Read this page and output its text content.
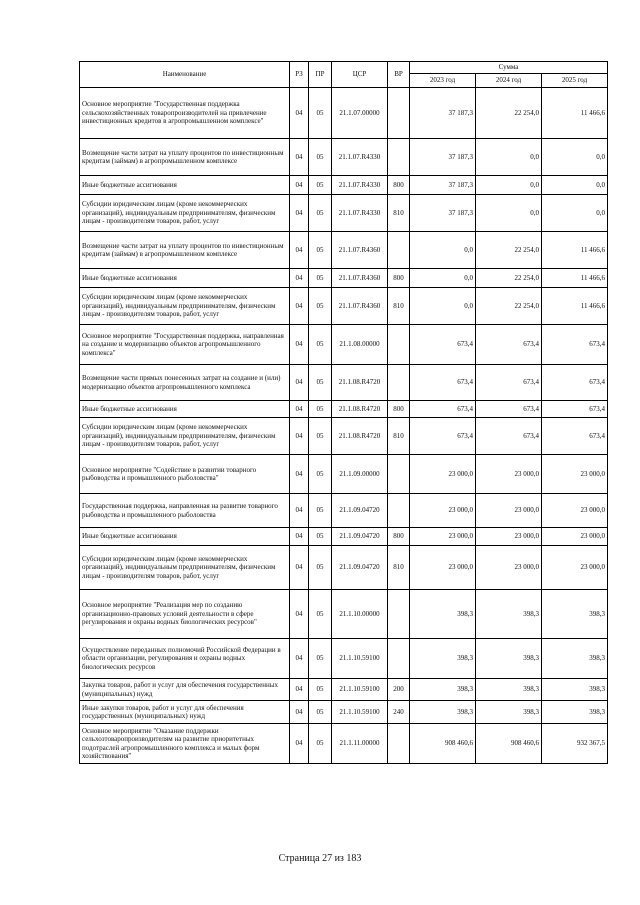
Наименование	РЗ	ПР	ЦСР	ВР	Сумма		
					2023 год	2024 год	2025 год
Основное мероприятие "Государственная поддержка сельскохозяйственных товаропроизводителей на привлечение инвестиционных кредитов в агропромышленном комплексе"	04	05	21.1.07.00000		37 187,3	22 254,0	11 466,6
Возмещение части затрат на уплату процентов по инвестиционным кредитам (займам) в агропромышленном комплексе	04	05	21.1.07.R4330		37 187,3	0,0	0,0
Иные бюджетные ассигнования	04	05	21.1.07.R4330	800	37 187,3	0,0	0,0
Субсидии юридическим лицам (кроме некоммерческих организаций), индивидуальным предпринимателям, физическим лицам - производителям товаров, работ, услуг	04	05	21.1.07.R4330	810	37 187,3	0,0	0,0
Возмещение части затрат на уплату процентов по инвестиционным кредитам (займам) в агропромышленном комплексе	04	05	21.1.07.R4360		0,0	22 254,0	11 466,6
Иные бюджетные ассигнования	04	05	21.1.07.R4360	800	0,0	22 254,0	11 466,6
Субсидии юридическим лицам (кроме некоммерческих организаций), индивидуальным предпринимателям, физическим лицам - производителям товаров, работ, услуг	04	05	21.1.07.R4360	810	0,0	22 254,0	11 466,6
Основное мероприятие "Государственная поддержка, направленная на создание и модернизацию объектов агропромышленного комплекса"	04	05	21.1.08.00000		673,4	673,4	673,4
Возмещение части прямых понесенных затрат на создание и (или) модернизацию объектов агропромышленного комплекса	04	05	21.1.08.R4720		673,4	673,4	673,4
Иные бюджетные ассигнования	04	05	21.1.08.R4720	800	673,4	673,4	673,4
Субсидии юридическим лицам (кроме некоммерческих организаций), индивидуальным предпринимателям, физическим лицам - производителям товаров, работ, услуг	04	05	21.1.08.R4720	810	673,4	673,4	673,4
Основное мероприятие "Содействие в развитии товарного рыбоводства и промышленного рыболовства"	04	05	21.1.09.00000		23 000,0	23 000,0	23 000,0
Государственная поддержка, направленная на развитие товарного рыбоводства и промышленного рыболовства	04	05	21.1.09.04720		23 000,0	23 000,0	23 000,0
Иные бюджетные ассигнования	04	05	21.1.09.04720	800	23 000,0	23 000,0	23 000,0
Субсидии юридическим лицам (кроме некоммерческих организаций), индивидуальным предпринимателям, физическим лицам - производителям товаров, работ, услуг	04	05	21.1.09.04720	810	23 000,0	23 000,0	23 000,0
Основное мероприятие "Реализация мер по созданию организационно-правовых условий деятельности в сфере регулирования и охраны водных биологических ресурсов"	04	05	21.1.10.00000		398,3	398,3	398,3
Осуществление переданных полномочий Российской Федерации в области организации, регулирования и охраны водных биологических ресурсов	04	05	21.1.10.59100		398,3	398,3	398,3
Закупка товаров, работ и услуг для обеспечения государственных (муниципальных) нужд	04	05	21.1.10.59100	200	398,3	398,3	398,3
Иные закупки товаров, работ и услуг для обеспечения государственных (муниципальных) нужд	04	05	21.1.10.59100	240	398,3	398,3	398,3
Основное мероприятие "Оказание поддержки сельхозтоваропроизводителям на развитие приоритетных подотраслей агропромышленного комплекса и малых форм хозяйствования"	04	05	21.1.11.00000		908 460,6	908 460,6	932 367,5
Страница 27 из 183
